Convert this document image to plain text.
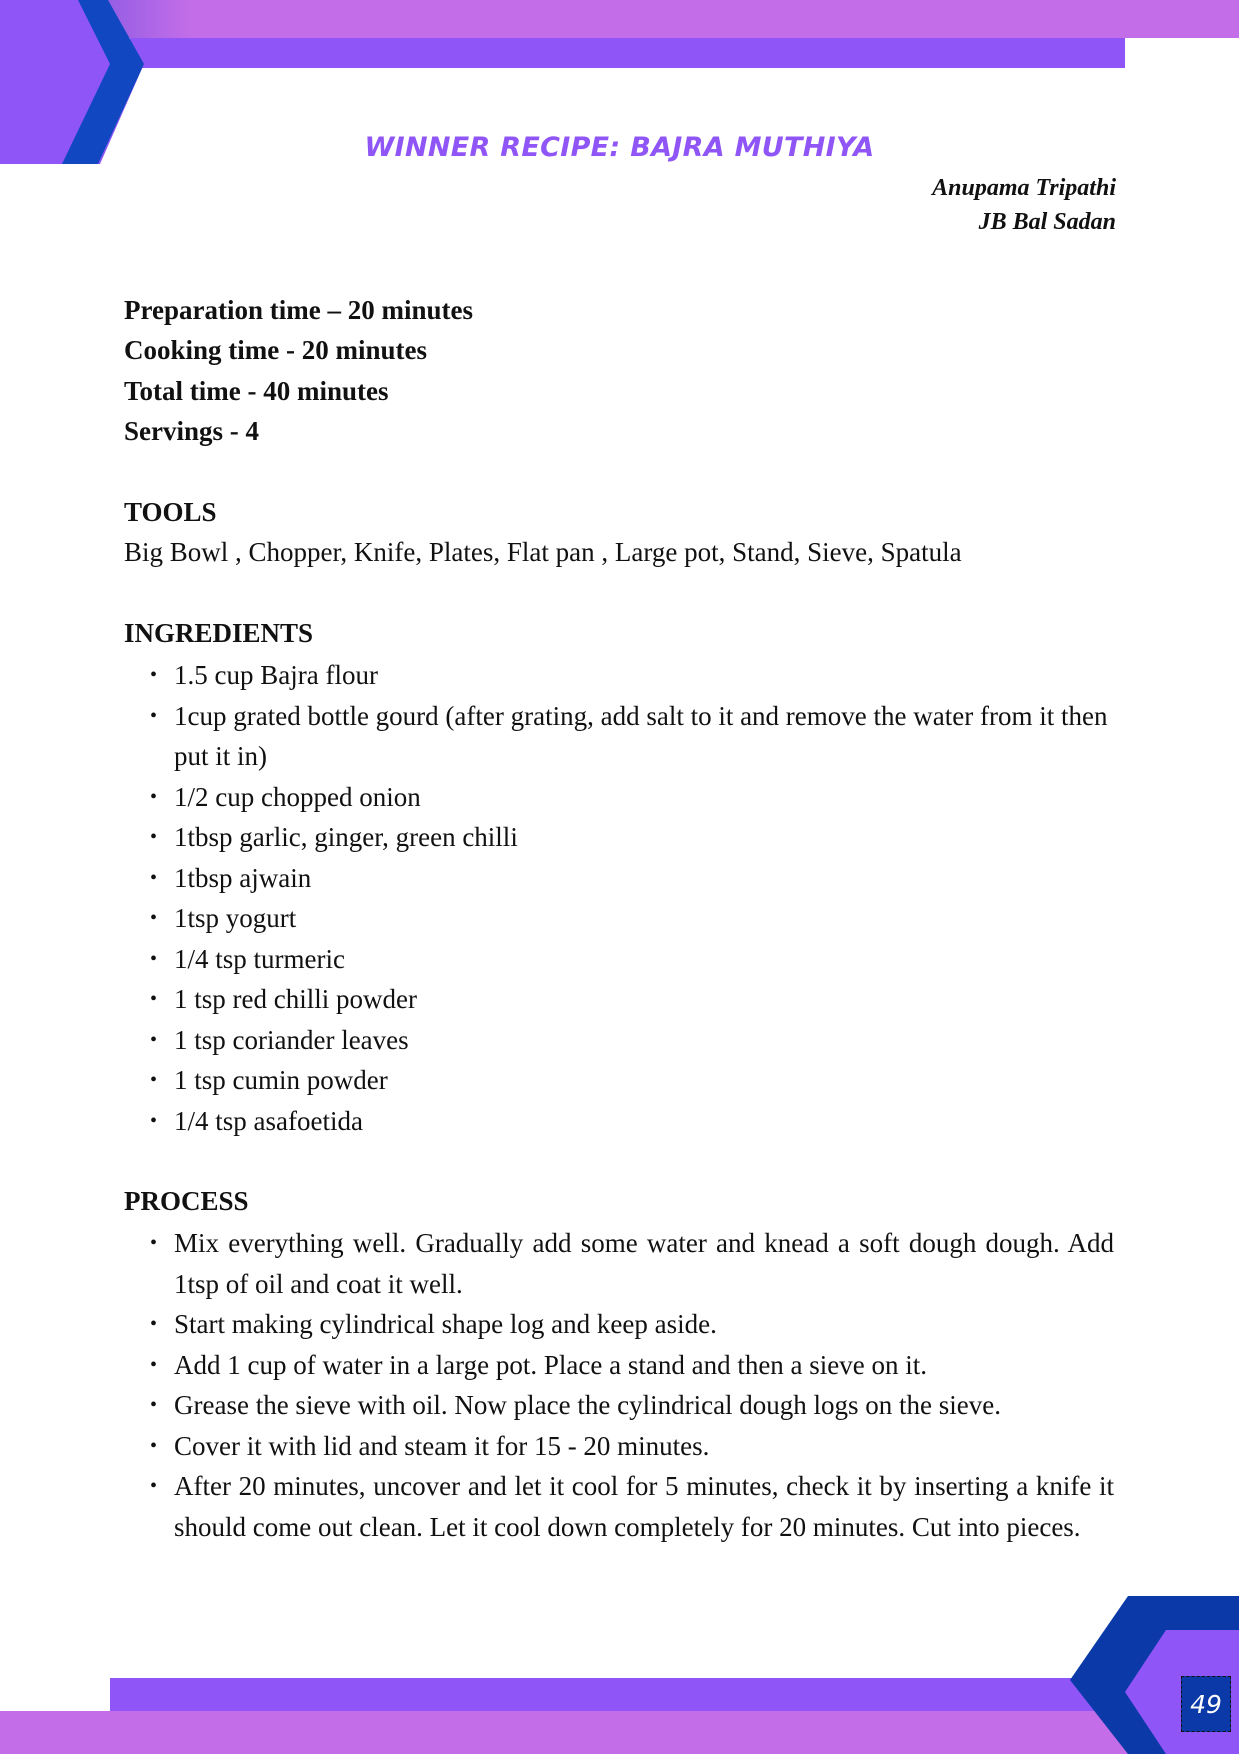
WINNER RECIPE: BAJRA MUTHIYA
Anupama Tripathi
JB Bal Sadan
Preparation time – 20 minutes
Cooking time - 20 minutes
Total time - 40 minutes
Servings - 4
TOOLS
Big Bowl , Chopper, Knife, Plates, Flat pan , Large pot, Stand, Sieve, Spatula
INGREDIENTS
• 1.5 cup Bajra flour
• 1cup grated bottle gourd (after grating, add salt to it and remove the water from it then put it in)
• 1/2 cup chopped onion
• 1tbsp garlic, ginger, green chilli
• 1tbsp ajwain
• 1tsp yogurt
• 1/4 tsp turmeric
• 1 tsp red chilli powder
• 1 tsp coriander leaves
• 1 tsp cumin powder
• 1/4 tsp asafoetida
PROCESS
• Mix everything well. Gradually add some water and knead a soft dough dough. Add 1tsp of oil and coat it well.
• Start making cylindrical shape log and keep aside.
• Add 1 cup of water in a large pot. Place a stand and then a sieve on it.
• Grease the sieve with oil. Now place the cylindrical dough logs on the sieve.
• Cover it with lid and steam it for 15 - 20 minutes.
• After 20 minutes, uncover and let it cool for 5 minutes, check it by inserting a knife it should come out clean. Let it cool down completely for 20 minutes. Cut into pieces.
49
